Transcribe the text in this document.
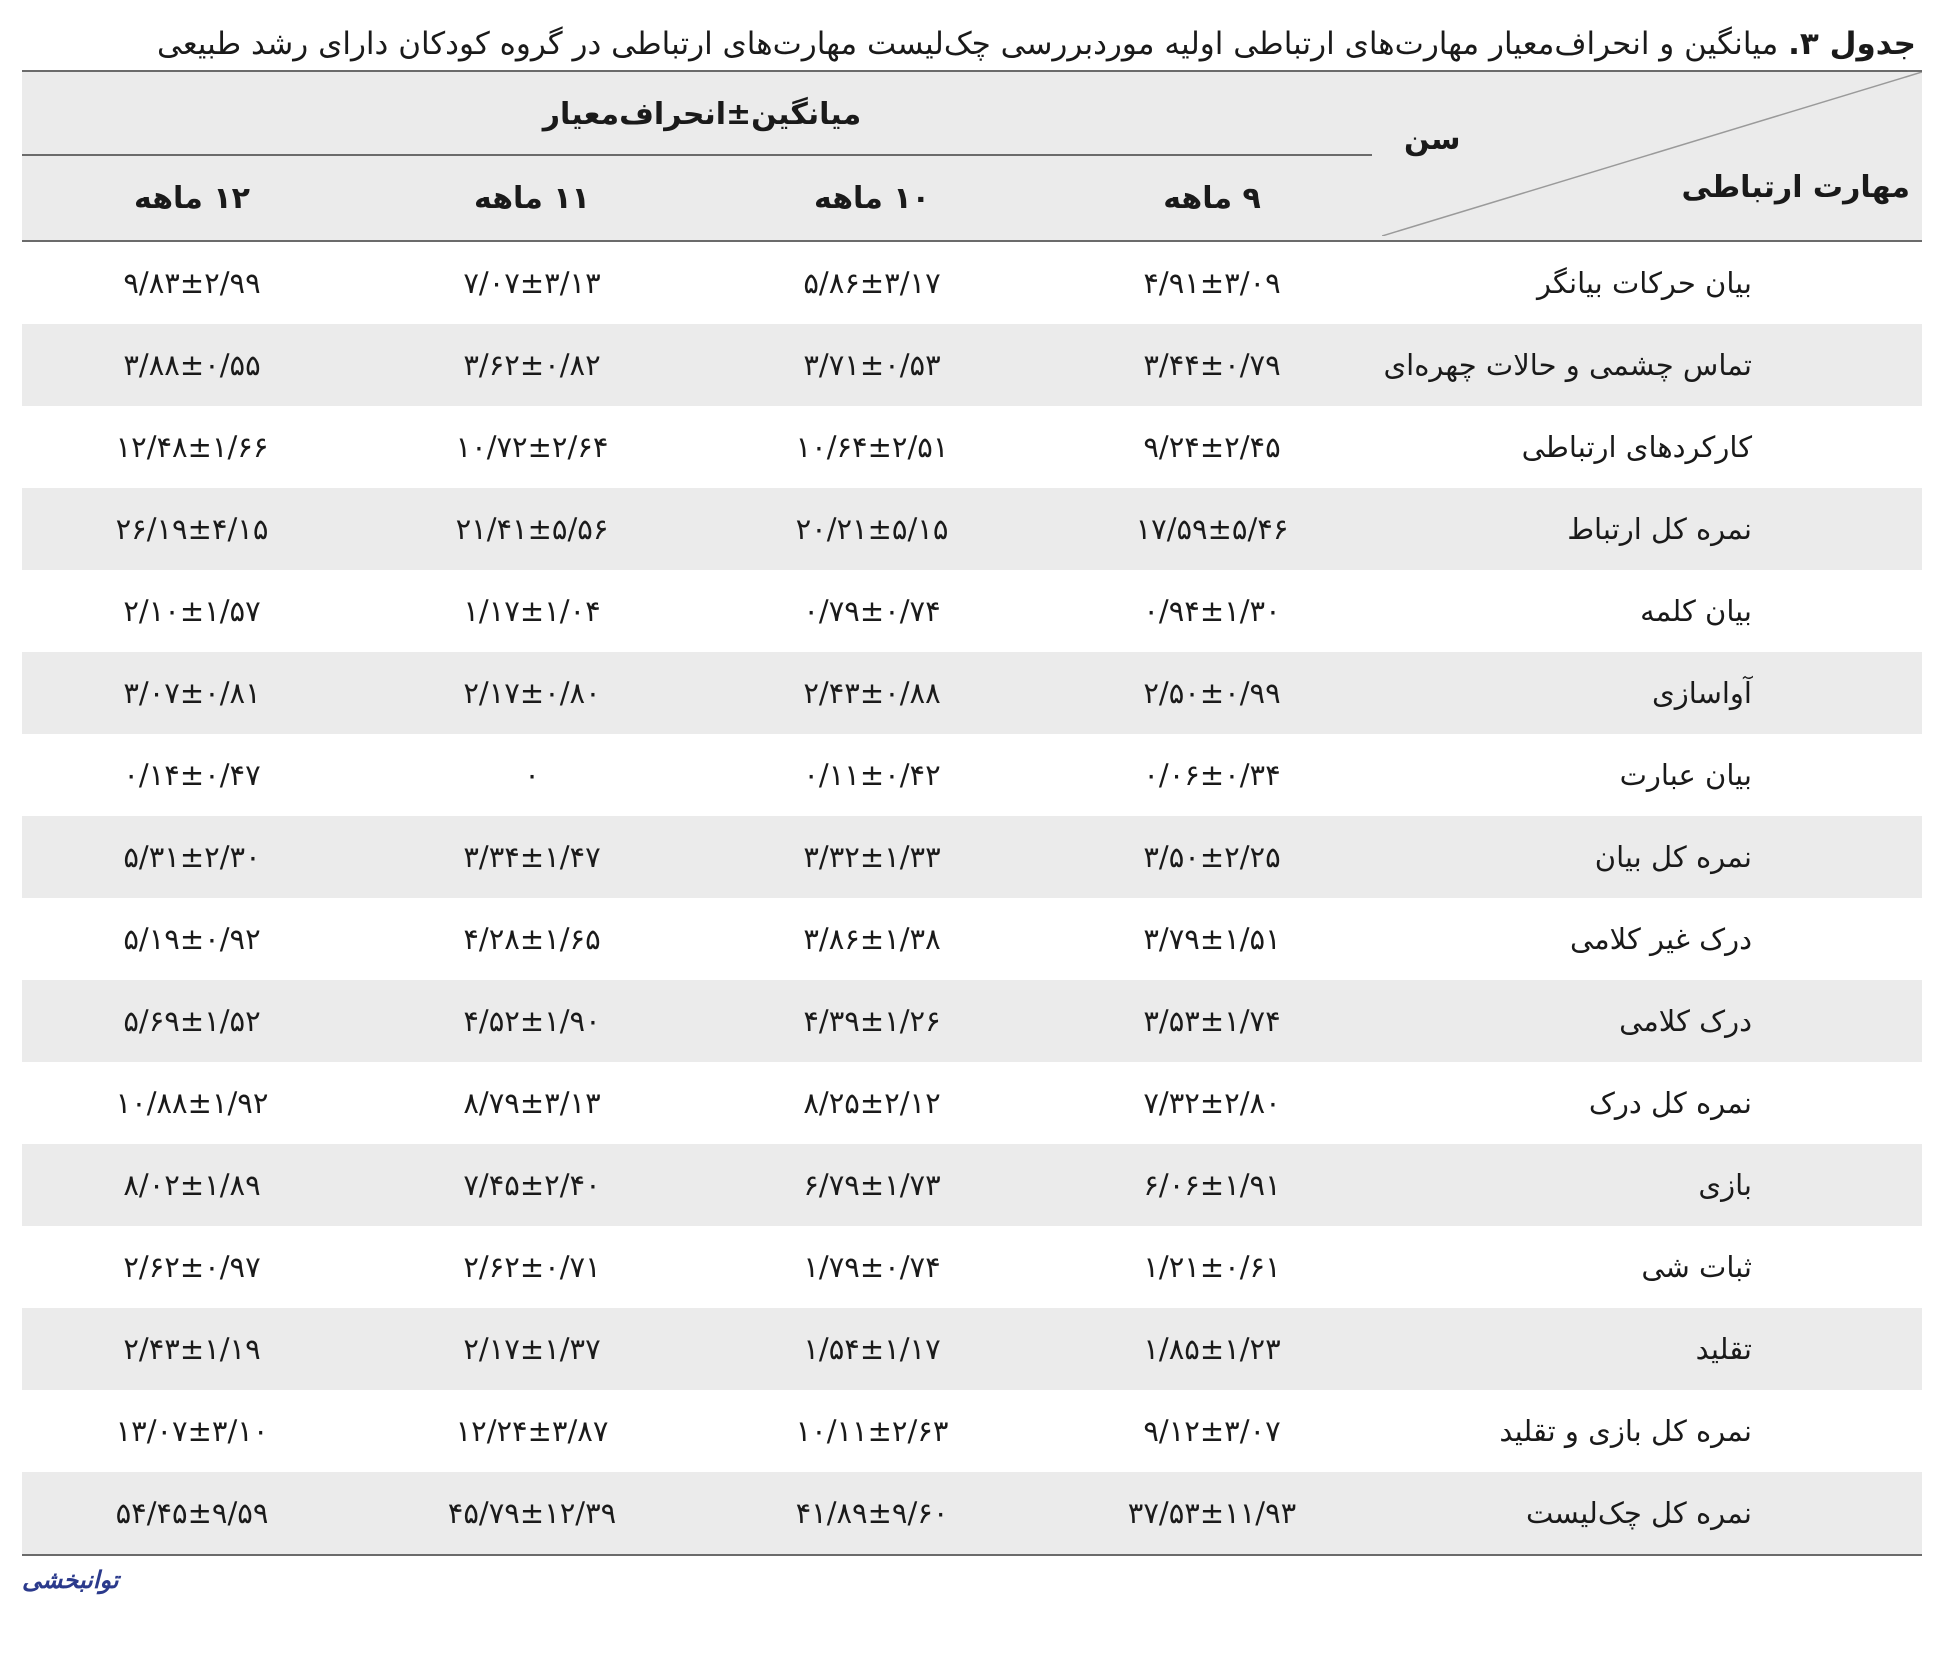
جدول ۳. میانگین و انحراف‌معیار مهارت‌های ارتباطی اولیه موردبررسی چک‌لیست مهارت‌های ارتباطی در گروه کودکان دارای رشد طبیعی
سن
مهارت ارتباطی	میانگین±انحراف‌معیار			

	۹ ماهه	۱۰ ماهه	۱۱ ماهه	۱۲ ماهه
بیان حرکات بیانگر	۴/۹۱±۳/۰۹	۵/۸۶±۳/۱۷	۷/۰۷±۳/۱۳	۹/۸۳±۲/۹۹
تماس چشمی و حالات چهره‌ای	۳/۴۴±۰/۷۹	۳/۷۱±۰/۵۳	۳/۶۲±۰/۸۲	۳/۸۸±۰/۵۵
کارکردهای ارتباطی	۹/۲۴±۲/۴۵	۱۰/۶۴±۲/۵۱	۱۰/۷۲±۲/۶۴	۱۲/۴۸±۱/۶۶
نمره کل ارتباط	۱۷/۵۹±۵/۴۶	۲۰/۲۱±۵/۱۵	۲۱/۴۱±۵/۵۶	۲۶/۱۹±۴/۱۵
بیان کلمه	۰/۹۴±۱/۳۰	۰/۷۹±۰/۷۴	۱/۱۷±۱/۰۴	۲/۱۰±۱/۵۷
آواسازی	۲/۵۰±۰/۹۹	۲/۴۳±۰/۸۸	۲/۱۷±۰/۸۰	۳/۰۷±۰/۸۱
بیان عبارت	۰/۰۶±۰/۳۴	۰/۱۱±۰/۴۲	۰	۰/۱۴±۰/۴۷
نمره کل بیان	۳/۵۰±۲/۲۵	۳/۳۲±۱/۳۳	۳/۳۴±۱/۴۷	۵/۳۱±۲/۳۰
درک غیر کلامی	۳/۷۹±۱/۵۱	۳/۸۶±۱/۳۸	۴/۲۸±۱/۶۵	۵/۱۹±۰/۹۲
درک کلامی	۳/۵۳±۱/۷۴	۴/۳۹±۱/۲۶	۴/۵۲±۱/۹۰	۵/۶۹±۱/۵۲
نمره کل درک	۷/۳۲±۲/۸۰	۸/۲۵±۲/۱۲	۸/۷۹±۳/۱۳	۱۰/۸۸±۱/۹۲
بازی	۶/۰۶±۱/۹۱	۶/۷۹±۱/۷۳	۷/۴۵±۲/۴۰	۸/۰۲±۱/۸۹
ثبات شی	۱/۲۱±۰/۶۱	۱/۷۹±۰/۷۴	۲/۶۲±۰/۷۱	۲/۶۲±۰/۹۷
تقلید	۱/۸۵±۱/۲۳	۱/۵۴±۱/۱۷	۲/۱۷±۱/۳۷	۲/۴۳±۱/۱۹
نمره کل بازی و تقلید	۹/۱۲±۳/۰۷	۱۰/۱۱±۲/۶۳	۱۲/۲۴±۳/۸۷	۱۳/۰۷±۳/۱۰
نمره کل چک‌لیست	۳۷/۵۳±۱۱/۹۳	۴۱/۸۹±۹/۶۰	۴۵/۷۹±۱۲/۳۹	۵۴/۴۵±۹/۵۹
توانبخشی
